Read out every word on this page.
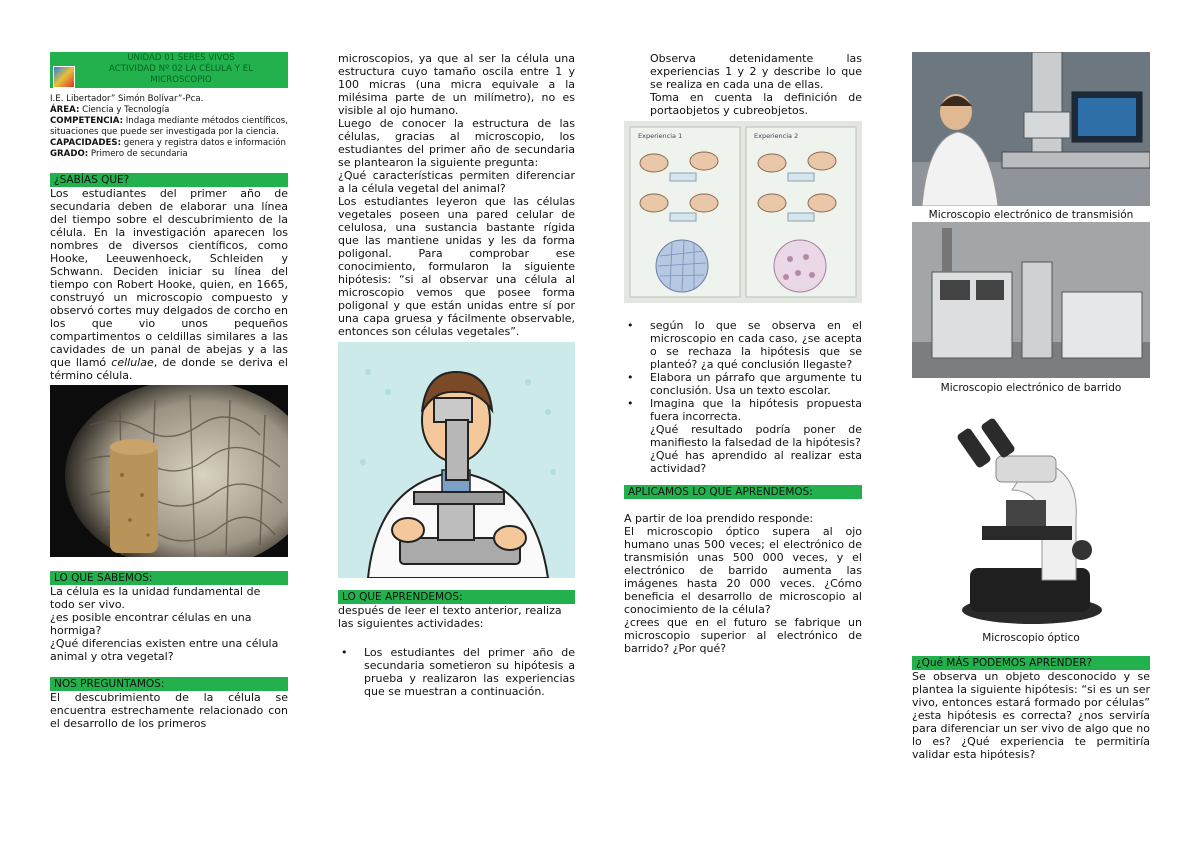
UNIDAD 01 SERES VIVOS
ACTIVIDAD Nº 02 LA CÉLULA Y EL
MICROSCOPIO

I.E. Libertador” Simón Bolívar”-Pca.

ÁREA: Ciencia y Tecnología

COMPETENCIA: Indaga mediante métodos científicos, situaciones que puede ser investigada por la ciencia.

CAPACIDADES: genera y registra datos e información

GRADO: Primero de secundaria

¿SABÍAS QUE?

Los estudiantes del primer año de secundaria deben de elaborar una línea del tiempo sobre el descubrimiento de la célula. En la investigación aparecen los nombres de diversos científicos, como Hooke, Leeuwenhoeck, Schleiden y Schwann. Deciden iniciar su línea del tiempo con Robert Hooke, quien, en 1665, construyó un microscopio compuesto y observó cortes muy delgados de corcho en los que vio unos pequeños compartimentos o celdillas similares a las cavidades de un panal de abejas y a las que llamó cellulae, de donde se deriva el término célula.

LO QUE SABEMOS:

La célula es la unidad fundamental de todo ser vivo.

¿es posible encontrar células en una hormiga?

¿Qué diferencias existen entre una célula animal y otra vegetal?

NOS PREGUNTAMOS:

El descubrimiento de la célula se encuentra estrechamente relacionado con el desarrollo de los primeros

microscopios, ya que al ser la célula una estructura cuyo tamaño oscila entre 1 y 100 micras (una micra equivale a la milésima parte de un milímetro), no es visible al ojo humano.

Luego de conocer la estructura de las células, gracias al microscopio, los estudiantes del primer año de secundaria se plantearon la siguiente pregunta:

¿Qué características permiten diferenciar a la célula vegetal del animal?

Los estudiantes leyeron que las células vegetales poseen una pared celular de celulosa, una sustancia bastante rígida que las mantiene unidas y les da forma poligonal. Para comprobar ese conocimiento, formularon la siguiente hipótesis: “si al observar una célula al microscopio vemos que posee forma poligonal y que están unidas entre sí por una capa gruesa y fácilmente observable, entonces son células vegetales”.

LO QUE APRENDEMOS:

después de leer el texto anterior, realiza las siguientes actividades:

• Los estudiantes del primer año de secundaria sometieron su hipótesis a prueba y realizaron las experiencias que se muestran a continuación.

Observa detenidamente las experiencias 1 y 2 y describe lo que se realiza en cada una de ellas.

Toma en cuenta la definición de portaobjetos y cubreobjetos.

Experiencia 1	Experiencia 2
• según lo que se observa en el microscopio en cada caso, ¿se acepta o se rechaza la hipótesis que se planteó? ¿a qué conclusión llegaste?
• Elabora un párrafo que argumente tu conclusión. Usa un texto escolar.
• Imagina que la hipótesis propuesta fuera incorrecta.

¿Qué resultado podría poner de manifiesto la falsedad de la hipótesis?

¿Qué has aprendido al realizar esta actividad?

APLICAMOS LO QUE APRENDEMOS:

A partir de loa prendido responde:

El microscopio óptico supera al ojo humano unas 500 veces; el electrónico de transmisión unas 500 000 veces, y el electrónico de barrido aumenta las imágenes hasta 20 000 veces. ¿Cómo beneficia el desarrollo de microscopio al conocimiento de la célula?

¿crees que en el futuro se fabrique un microscopio superior al electrónico de barrido? ¿Por qué?

Microscopio electrónico de transmisión

Microscopio electrónico de barrido

Microscopio óptico

¿Qué MÁS PODEMOS APRENDER?

Se observa un objeto desconocido y se plantea la siguiente hipótesis: “si es un ser vivo, entonces estará formado por células” ¿esta hipótesis es correcta? ¿nos serviría para diferenciar un ser vivo de algo que no lo es? ¿Qué experiencia te permitiría validar esta hipótesis?
